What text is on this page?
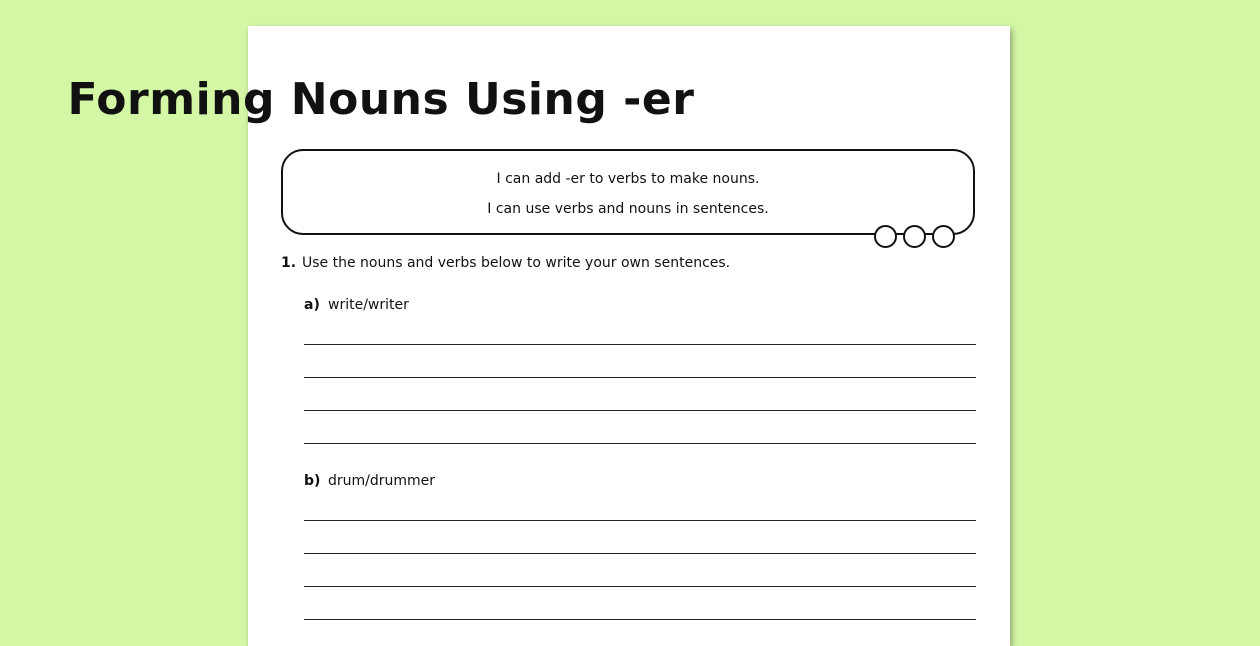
Forming Nouns Using -er
I can add -er to verbs to make nouns.
I can use verbs and nouns in sentences.
1. Use the nouns and verbs below to write your own sentences.
a) write/writer
b) drum/drummer
